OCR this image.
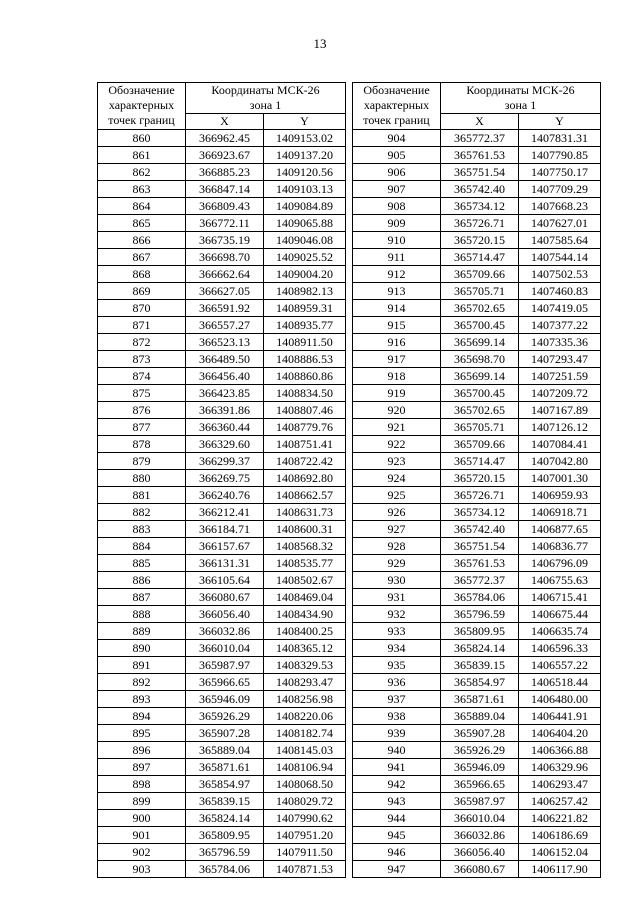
13
Обозначение
характерных
точек границ	Координаты МСК-26
зона 1	

	X	Y
860	366962.45	1409153.02
861	366923.67	1409137.20
862	366885.23	1409120.56
863	366847.14	1409103.13
864	366809.43	1409084.89
865	366772.11	1409065.88
866	366735.19	1409046.08
867	366698.70	1409025.52
868	366662.64	1409004.20
869	366627.05	1408982.13
870	366591.92	1408959.31
871	366557.27	1408935.77
872	366523.13	1408911.50
873	366489.50	1408886.53
874	366456.40	1408860.86
875	366423.85	1408834.50
876	366391.86	1408807.46
877	366360.44	1408779.76
878	366329.60	1408751.41
879	366299.37	1408722.42
880	366269.75	1408692.80
881	366240.76	1408662.57
882	366212.41	1408631.73
883	366184.71	1408600.31
884	366157.67	1408568.32
885	366131.31	1408535.77
886	366105.64	1408502.67
887	366080.67	1408469.04
888	366056.40	1408434.90
889	366032.86	1408400.25
890	366010.04	1408365.12
891	365987.97	1408329.53
892	365966.65	1408293.47
893	365946.09	1408256.98
894	365926.29	1408220.06
895	365907.28	1408182.74
896	365889.04	1408145.03
897	365871.61	1408106.94
898	365854.97	1408068.50
899	365839.15	1408029.72
900	365824.14	1407990.62
901	365809.95	1407951.20
902	365796.59	1407911.50
903	365784.06	1407871.53
Обозначение
характерных
точек границ	Координаты МСК-26
зона 1	

	X	Y
904	365772.37	1407831.31
905	365761.53	1407790.85
906	365751.54	1407750.17
907	365742.40	1407709.29
908	365734.12	1407668.23
909	365726.71	1407627.01
910	365720.15	1407585.64
911	365714.47	1407544.14
912	365709.66	1407502.53
913	365705.71	1407460.83
914	365702.65	1407419.05
915	365700.45	1407377.22
916	365699.14	1407335.36
917	365698.70	1407293.47
918	365699.14	1407251.59
919	365700.45	1407209.72
920	365702.65	1407167.89
921	365705.71	1407126.12
922	365709.66	1407084.41
923	365714.47	1407042.80
924	365720.15	1407001.30
925	365726.71	1406959.93
926	365734.12	1406918.71
927	365742.40	1406877.65
928	365751.54	1406836.77
929	365761.53	1406796.09
930	365772.37	1406755.63
931	365784.06	1406715.41
932	365796.59	1406675.44
933	365809.95	1406635.74
934	365824.14	1406596.33
935	365839.15	1406557.22
936	365854.97	1406518.44
937	365871.61	1406480.00
938	365889.04	1406441.91
939	365907.28	1406404.20
940	365926.29	1406366.88
941	365946.09	1406329.96
942	365966.65	1406293.47
943	365987.97	1406257.42
944	366010.04	1406221.82
945	366032.86	1406186.69
946	366056.40	1406152.04
947	366080.67	1406117.90
